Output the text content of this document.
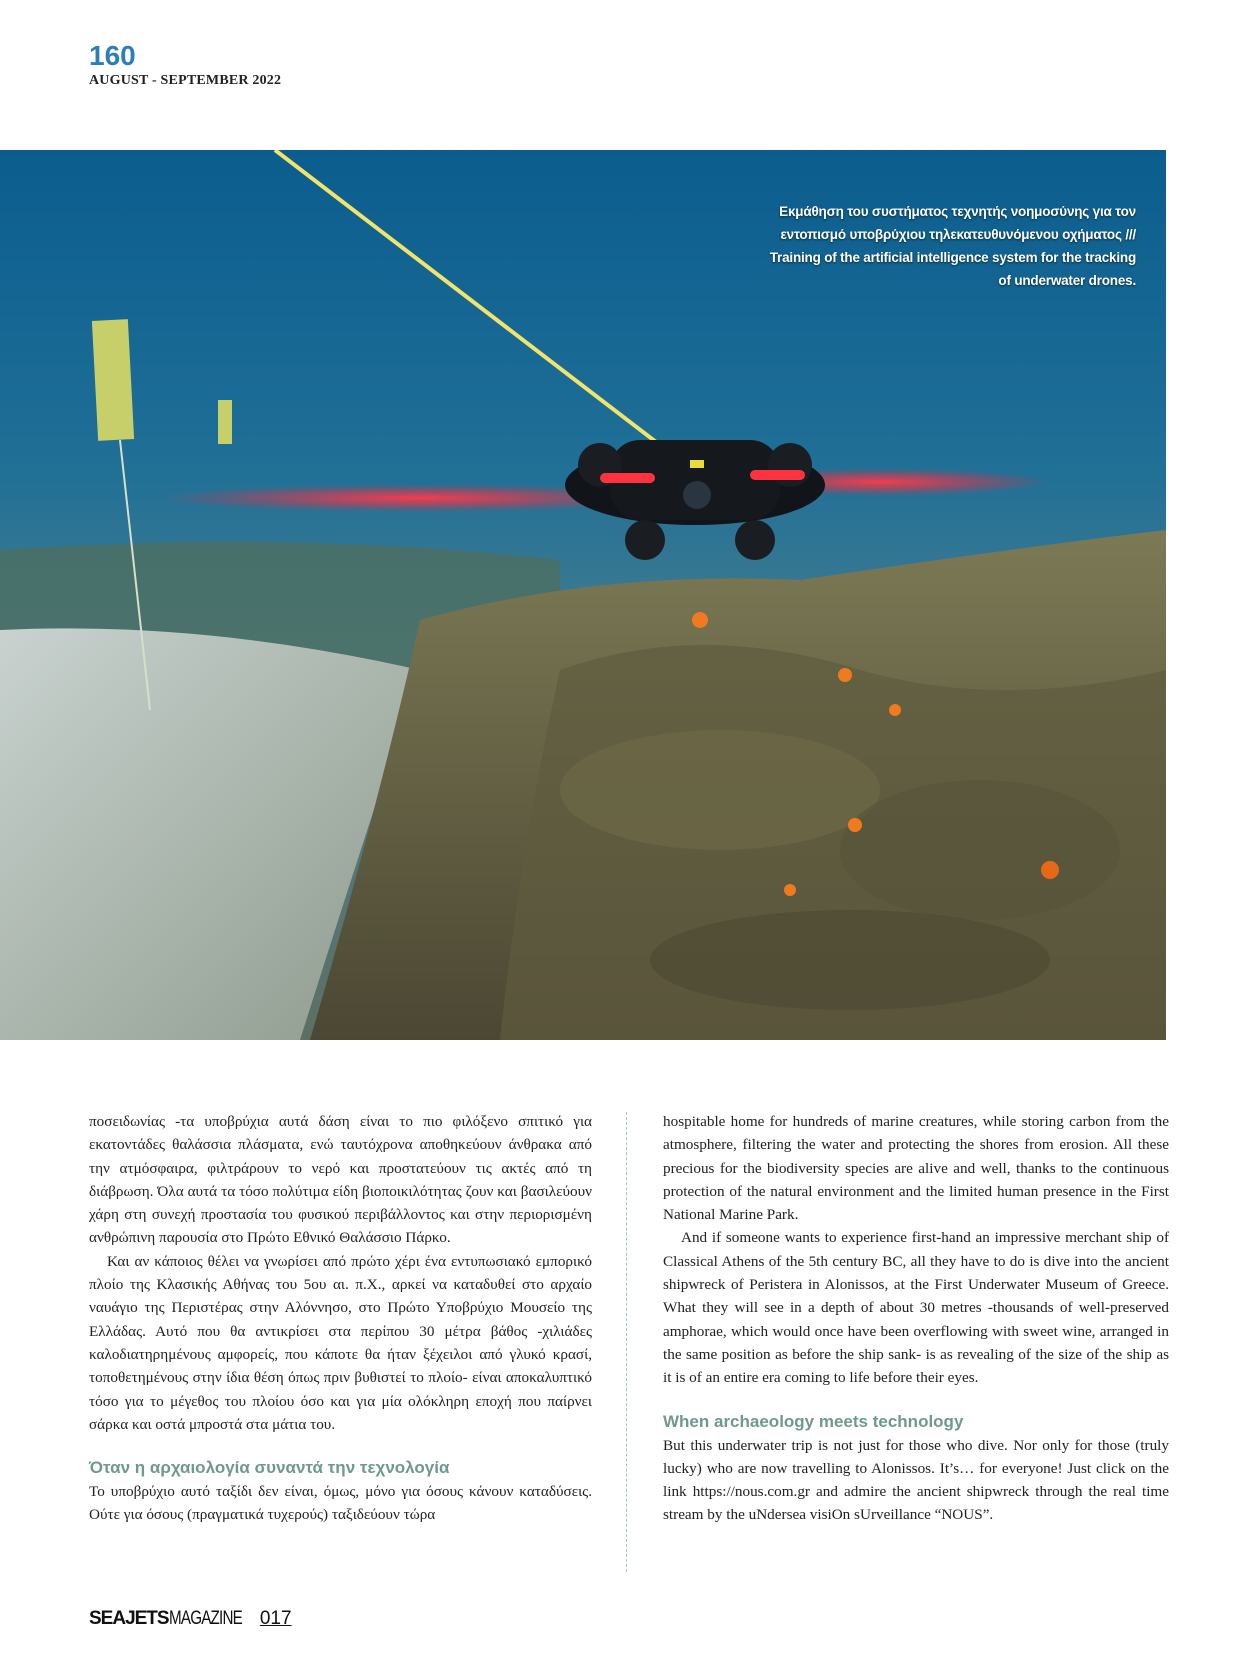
160
AUGUST - SEPTEMBER 2022
Εκμάθηση του συστήματος τεχνητής νοημοσύνης για τον εντοπισμό υποβρύχιου τηλεκατευθυνόμενου οχήματος /// Training of the artificial intelligence system for the tracking of underwater drones.

ποσειδωνίας -τα υποβρύχια αυτά δάση είναι το πιο φιλόξενο σπιτικό για εκατοντάδες θαλάσσια πλάσματα, ενώ ταυτόχρονα αποθηκεύουν άνθρακα από την ατμόσφαιρα, φιλτράρουν το νερό και προστατεύουν τις ακτές από τη διάβρωση. Όλα αυτά τα τόσο πολύτιμα είδη βιοποικιλότητας ζουν και βασιλεύουν χάρη στη συνεχή προστασία του φυσικού περιβάλλοντος και στην περιορισμένη ανθρώπινη παρουσία στο Πρώτο Εθνικό Θαλάσσιο Πάρκο.

Και αν κάποιος θέλει να γνωρίσει από πρώτο χέρι ένα εντυπωσιακό εμπορικό πλοίο της Κλασικής Αθήνας του 5ου αι. π.Χ., αρκεί να καταδυθεί στο αρχαίο ναυάγιο της Περιστέρας στην Αλόννησο, στο Πρώτο Υποβρύχιο Μουσείο της Ελλάδας. Αυτό που θα αντικρίσει στα περίπου 30 μέτρα βάθος -χιλιάδες καλοδιατηρημένους αμφορείς, που κάποτε θα ήταν ξέχειλοι από γλυκό κρασί, τοποθετημένους στην ίδια θέση όπως πριν βυθιστεί το πλοίο- είναι αποκαλυπτικό τόσο για το μέγεθος του πλοίου όσο και για μία ολόκληρη εποχή που παίρνει σάρκα και οστά μπροστά στα μάτια του.

Όταν η αρχαιολογία συναντά την τεχνολογία

Το υποβρύχιο αυτό ταξίδι δεν είναι, όμως, μόνο για όσους κάνουν καταδύσεις. Ούτε για όσους (πραγματικά τυχερούς) ταξιδεύουν τώρα

hospitable home for hundreds of marine creatures, while storing carbon from the atmosphere, filtering the water and protecting the shores from erosion. All these precious for the biodiversity species are alive and well, thanks to the continuous protection of the natural environment and the limited human presence in the First National Marine Park.

And if someone wants to experience first-hand an impressive merchant ship of Classical Athens of the 5th century BC, all they have to do is dive into the ancient shipwreck of Peristera in Alonissos, at the First Underwater Museum of Greece. What they will see in a depth of about 30 metres -thousands of well-preserved amphorae, which would once have been overflowing with sweet wine, arranged in the same position as before the ship sank- is as revealing of the size of the ship as it is of an entire era coming to life before their eyes.

When archaeology meets technology

But this underwater trip is not just for those who dive. Nor only for those (truly lucky) who are now travelling to Alonissos. It’s… for everyone! Just click on the link https://nous.com.gr and admire the ancient shipwreck through the real time stream by the uNdersea visiOn sUrveillance “NOUS”.

SEAJETSMAGAZINE 017
